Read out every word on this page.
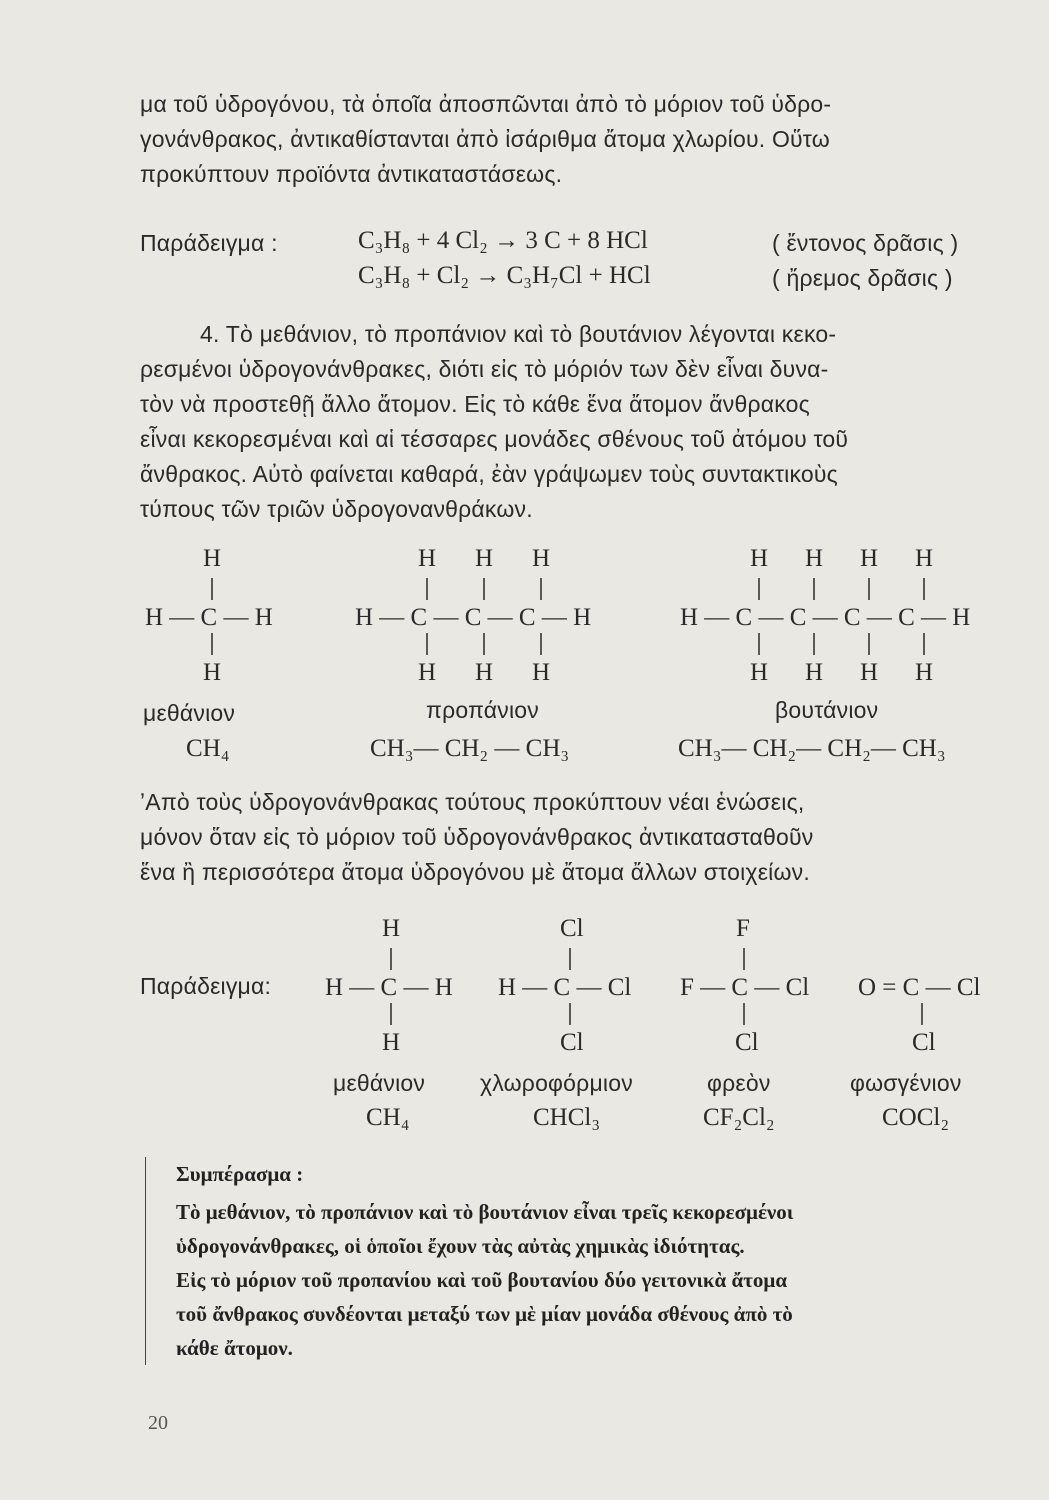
μα τοῦ ὑδρογόνου, τὰ ὁποῖα ἀποσπῶνται ἀπὸ τὸ μόριον τοῦ ὑδρο-
γονάνθρακος, ἀντικαθίστανται ἀπὸ ἰσάριθμα ἄτομα χλωρίου. Οὕτω
προκύπτουν προϊόντα ἀντικαταστάσεως.
Παράδειγμα :	C₃H₈ + 4 Cl₂ → 3 C + 8 HCl	( ἔντονος δρᾶσις )
C₃H₈ + Cl₂ → C₃H₇Cl + HCl	( ἤρεμος δρᾶσις )
4. Τὸ μεθάνιον, τὸ προπάνιον καὶ τὸ βουτάνιον λέγονται κεκο-
ρεσμένοι ὑδρογονάνθρακες, διότι εἰς τὸ μόριόν των δὲν εἶναι δυνα-
τὸν νὰ προστεθῇ ἄλλο ἄτομον. Εἰς τὸ κάθε ἕνα ἄτομον ἄνθρακος
εἶναι κεκορεσμέναι καὶ αἱ τέσσαρες μονάδες σθένους τοῦ ἀτόμου τοῦ
ἄνθρακος. Αὐτὸ φαίνεται καθαρά, ἐὰν γράψωμεν τοὺς συντακτικοὺς
τύπους τῶν τριῶν ὑδρογονανθράκων.
H
H — C — H
H
H H H
H — C — C — C — H
H H H
H H H H
H — C — C — C — C — H
H H H H
μεθάνιον	προπάνιον	βουτάνιον
CH₄	CH₃— CH₂ — CH₃	CH₃— CH₂— CH₂— CH₃
ʼΑπὸ τοὺς ὑδρογονάνθρακας τούτους προκύπτουν νέαι ἑνώσεις,
μόνον ὅταν εἰς τὸ μόριον τοῦ ὑδρογονάνθρακος ἀντικατασταθοῦν
ἕνα ἢ περισσότερα ἄτομα ὑδρογόνου μὲ ἄτομα ἄλλων στοιχείων.
Παράδειγμα:
H
H — C — H
H
Cl
H — C — Cl
Cl
F
F — C — Cl
Cl
O = C — Cl
Cl
μεθάνιον χλωροφόρμιον	φρεὸν	φωσγένιον
CH₄	CHCl₃	CF₂Cl₂	COCl₂
Συμπέρασμα :
Τὸ μεθάνιον, τὸ προπάνιον καὶ τὸ βουτάνιον εἶναι τρεῖς κεκορεσμένοι
ὑδρογονάνθρακες, οἱ ὁποῖοι ἔχουν τὰς αὐτὰς χημικὰς ἰδιότητας.
Εἰς τὸ μόριον τοῦ προπανίου καὶ τοῦ βουτανίου δύο γειτονικὰ ἄτομα
τοῦ ἄνθρακος συνδέονται μεταξύ των μὲ μίαν μονάδα σθένους ἀπὸ τὸ
κάθε ἄτομον.
20
